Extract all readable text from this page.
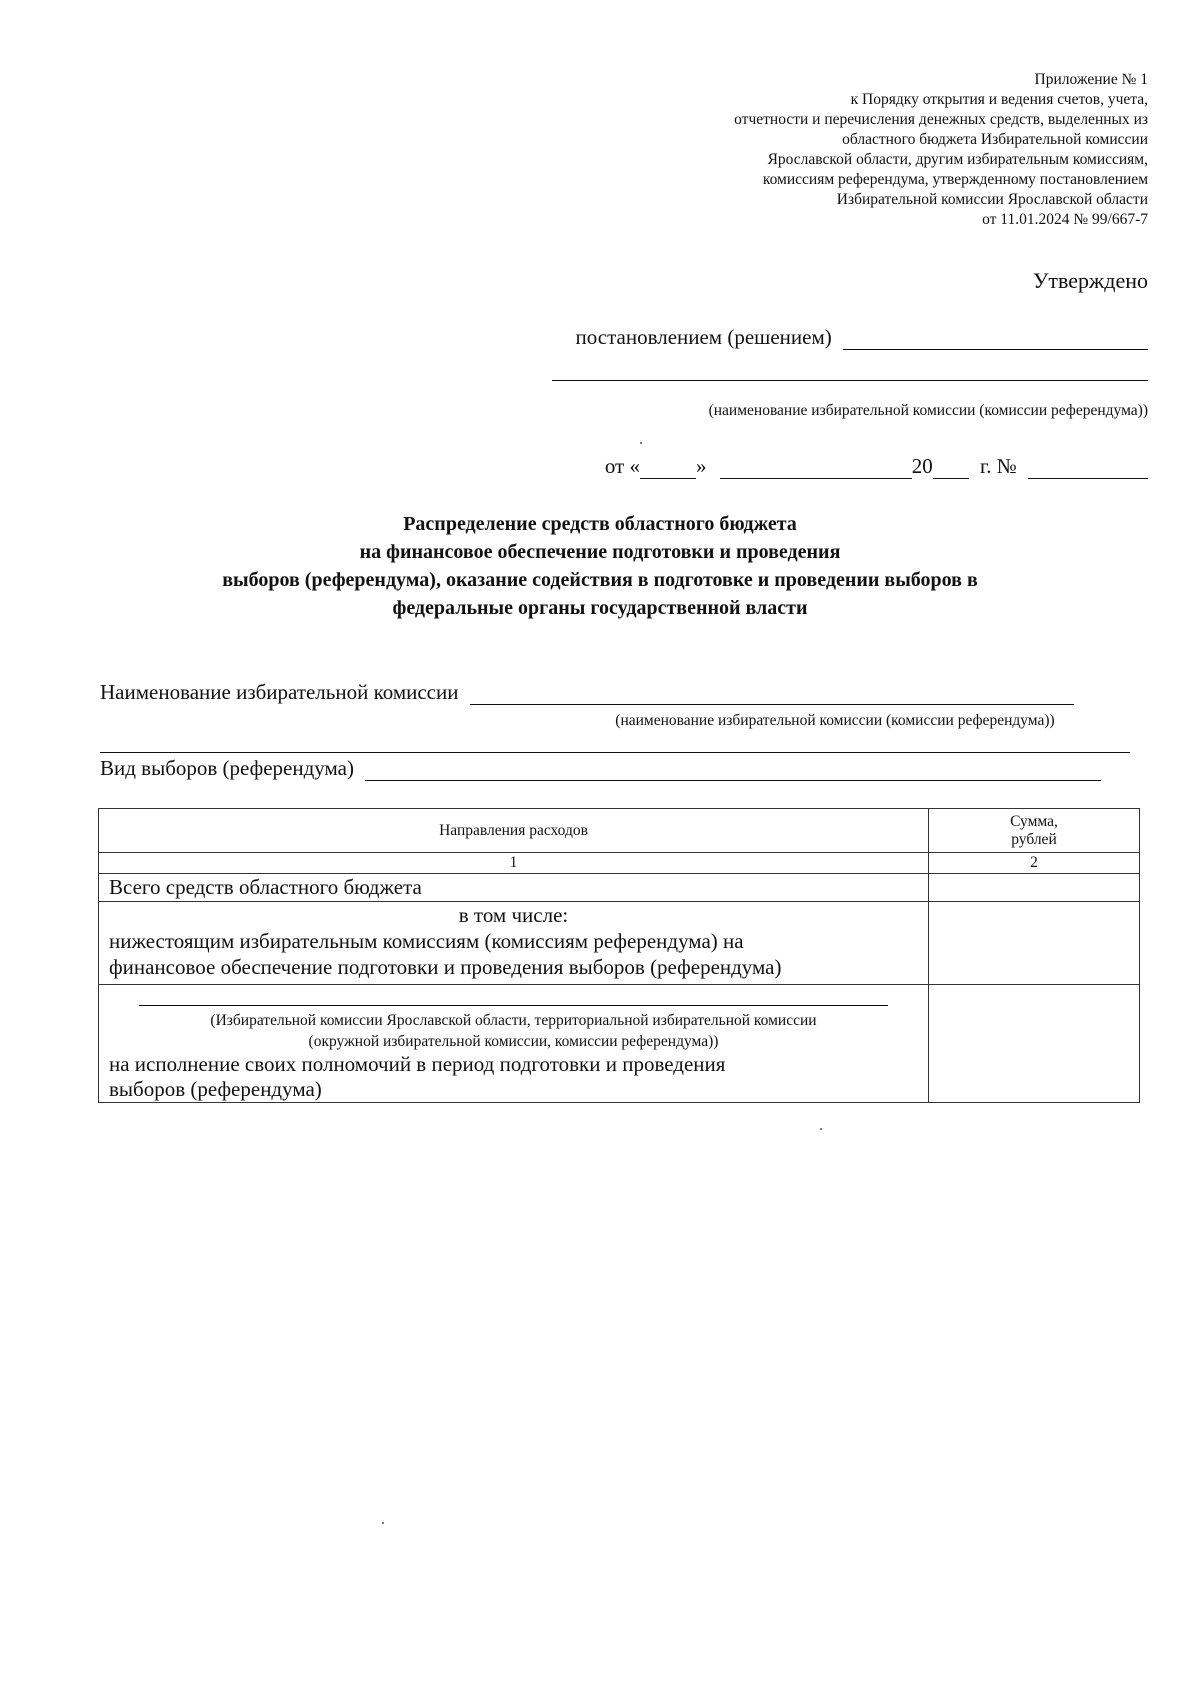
Приложение № 1
к Порядку открытия и ведения счетов, учета,
отчетности и перечисления денежных средств, выделенных из
областного бюджета Избирательной комиссии
Ярославской области, другим избирательным комиссиям,
комиссиям референдума, утвержденному постановлением
Избирательной комиссии Ярославской области
от 11.01.2024 № 99/667-7
Утверждено
постановлением (решением)
(наименование избирательной комиссии (комиссии референдума))
от «	»	20 г. №
Распределение средств областного бюджета
на финансовое обеспечение подготовки и проведения
выборов (референдума), оказание содействия в подготовке и проведении выборов в
федеральные органы государственной власти
Наименование избирательной комиссии
(наименование избирательной комиссии (комиссии референдума))
Вид выборов (референдума)
Направления расходов	Сумма,
рублей

1	2
Всего средств областного бюджета	

в том числе:
нижестоящим избирательным комиссиям (комиссиям референдума) на
финансовое обеспечение подготовки и проведения выборов (референдума)	

(Избирательной комиссии Ярославской области, территориальной избирательной комиссии
(окружной избирательной комиссии, комиссии референдума))
на исполнение своих полномочий в период подготовки и проведения
выборов (референдума)	
